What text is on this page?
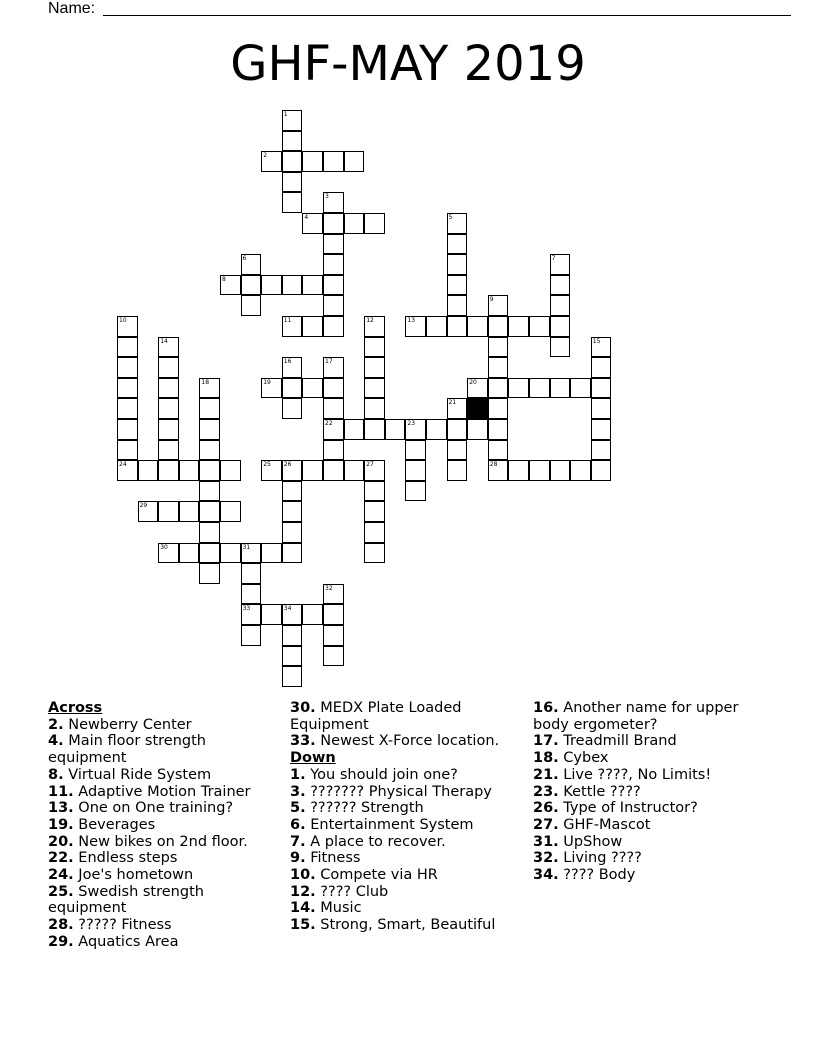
Name:
GHF-MAY 2019
1
2
3
4	5
6	7
8
9
10	11	12	13
14	15
16	17
22
18	19	20
21
23
24	25 26	27	28
29
30	31
33
32
34
Across
2. Newberry Center
4. Main floor strength equipment
8. Virtual Ride System
11. Adaptive Motion Trainer
13. One on One training?
19. Beverages
20. New bikes on 2nd floor.
22. Endless steps
24. Joe's hometown
25. Swedish strength equipment
28. ????? Fitness
29. Aquatics Area
30. MEDX Plate Loaded Equipment
33. Newest X-Force location.
Down
1. You should join one?
3. ??????? Physical Therapy
5. ?????? Strength
6. Entertainment System
7. A place to recover.
9. Fitness
10. Compete via HR
12. ???? Club
14. Music
15. Strong, Smart, Beautiful
16. Another name for upper body ergometer?
17. Treadmill Brand
18. Cybex
21. Live ????, No Limits!
23. Kettle ????
26. Type of Instructor?
27. GHF-Mascot
31. UpShow
32. Living ????
34. ???? Body
